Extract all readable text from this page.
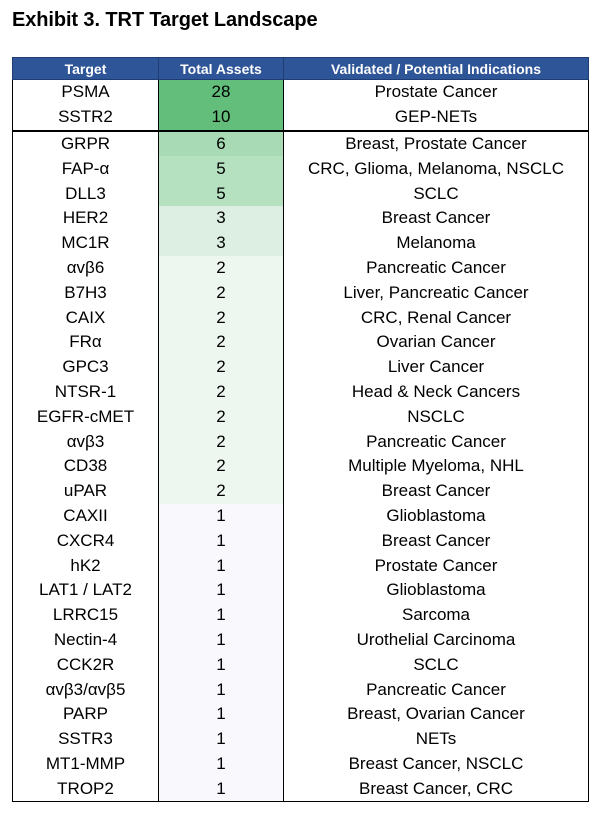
Exhibit 3. TRT Target Landscape
Target	Total Assets	Validated / Potential Indications
PSMA	28	Prostate Cancer
SSTR2	10	GEP-NETs
GRPR	6	Breast, Prostate Cancer
FAP-α	5	CRC, Glioma, Melanoma, NSCLC
DLL3	5	SCLC
HER2	3	Breast Cancer
MC1R	3	Melanoma
αvβ6	2	Pancreatic Cancer
B7H3	2	Liver, Pancreatic Cancer
CAIX	2	CRC, Renal Cancer
FRα	2	Ovarian Cancer
GPC3	2	Liver Cancer
NTSR-1	2	Head & Neck Cancers
EGFR-cMET	2	NSCLC
αvβ3	2	Pancreatic Cancer
CD38	2	Multiple Myeloma, NHL
uPAR	2	Breast Cancer
CAXII	1	Glioblastoma
CXCR4	1	Breast Cancer
hK2	1	Prostate Cancer
LAT1 / LAT2	1	Glioblastoma
LRRC15	1	Sarcoma
Nectin-4	1	Urothelial Carcinoma
CCK2R	1	SCLC
αvβ3/αvβ5	1	Pancreatic Cancer
PARP	1	Breast, Ovarian Cancer
SSTR3	1	NETs
MT1-MMP	1	Breast Cancer, NSCLC
TROP2	1	Breast Cancer, CRC
